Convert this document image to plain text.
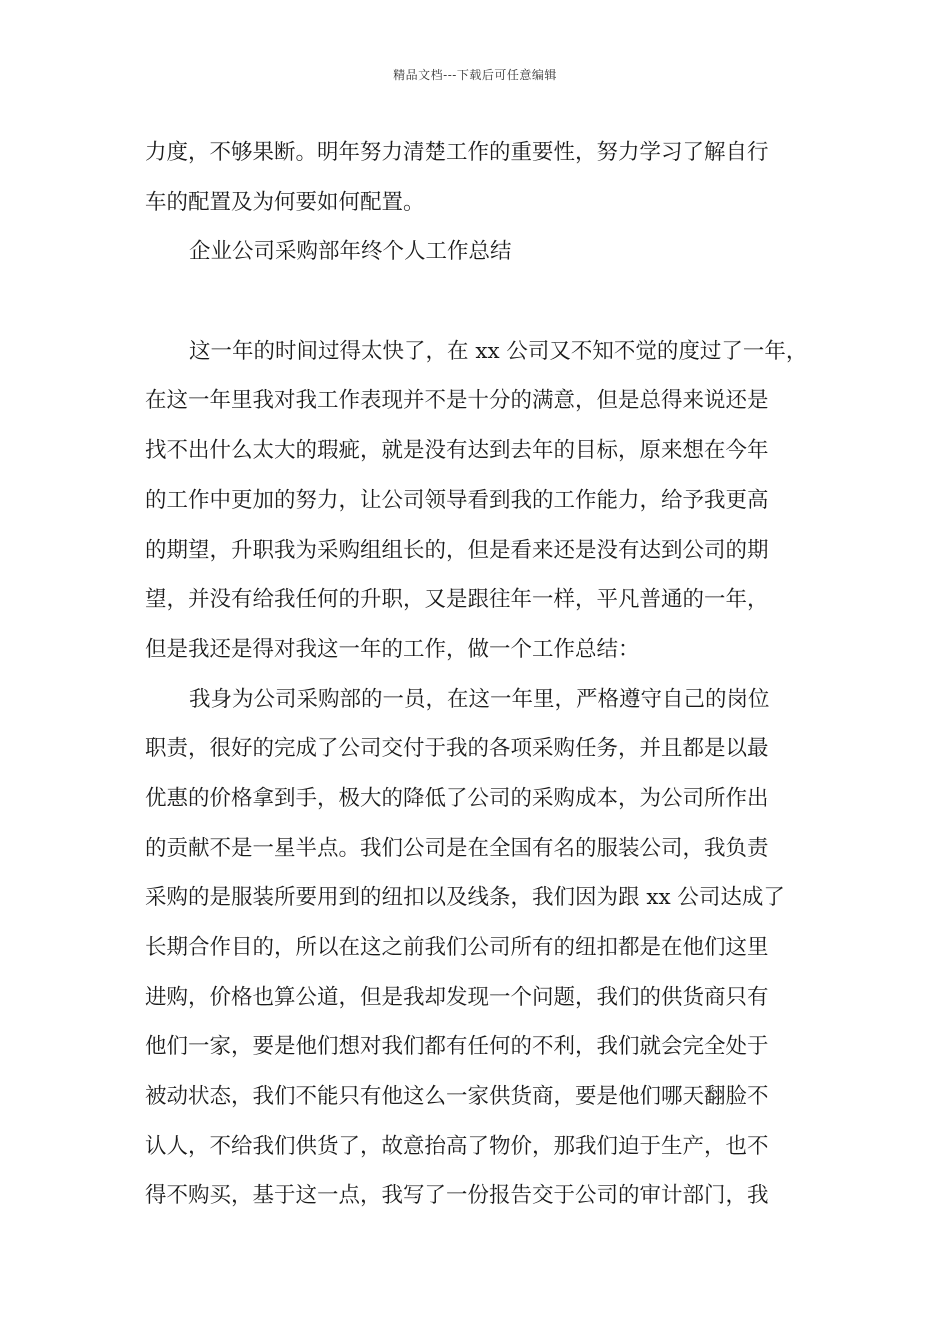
精品文档---下载后可任意编辑
力度，不够果断。明年努力清楚工作的重要性，努力学习了解自行
车的配置及为何要如何配置。
企业公司采购部年终个人工作总结
这一年的时间过得太快了，在 xx 公司又不知不觉的度过了一年，
在这一年里我对我工作表现并不是十分的满意，但是总得来说还是
找不出什么太大的瑕疵，就是没有达到去年的目标，原来想在今年
的工作中更加的努力，让公司领导看到我的工作能力，给予我更高
的期望，升职我为采购组组长的，但是看来还是没有达到公司的期
望，并没有给我任何的升职，又是跟往年一样，平凡普通的一年，
但是我还是得对我这一年的工作，做一个工作总结：
我身为公司采购部的一员，在这一年里，严格遵守自己的岗位
职责，很好的完成了公司交付于我的各项采购任务，并且都是以最
优惠的价格拿到手，极大的降低了公司的采购成本，为公司所作出
的贡献不是一星半点。我们公司是在全国有名的服装公司，我负责
采购的是服装所要用到的纽扣以及线条，我们因为跟 xx 公司达成了
长期合作目的，所以在这之前我们公司所有的纽扣都是在他们这里
进购，价格也算公道，但是我却发现一个问题，我们的供货商只有
他们一家，要是他们想对我们都有任何的不利，我们就会完全处于
被动状态，我们不能只有他这么一家供货商，要是他们哪天翻脸不
认人，不给我们供货了，故意抬高了物价，那我们迫于生产，也不
得不购买，基于这一点，我写了一份报告交于公司的审计部门，我
